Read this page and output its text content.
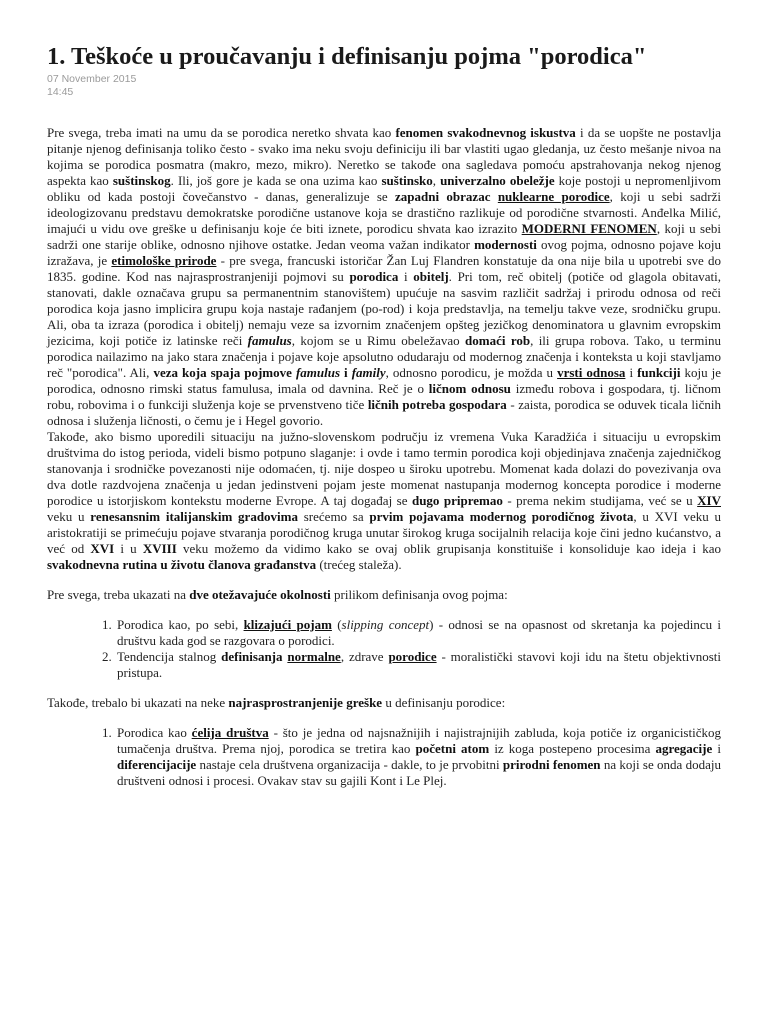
1. Teškoće u proučavanju i definisanju pojma "porodica"
07 November 2015
14:45

Pre svega, treba imati na umu da se porodica neretko shvata kao fenomen svakodnevnog iskustva i da se uopšte ne postavlja pitanje njenog definisanja toliko često - svako ima neku svoju definiciju ili bar vlastiti ugao gledanja, uz često mešanje nivoa na kojima se porodica posmatra (makro, mezo, mikro). Neretko se takođe ona sagledava pomoću apstrahovanja nekog njenog aspekta kao suštinskog. Ili, još gore je kada se ona uzima kao suštinsko, univerzalno obeležje koje postoji u nepromenljivom obliku od kada postoji čovečanstvo - danas, generalizuje se zapadni obrazac nuklearne porodice, koji u sebi sadrži ideologizovanu predstavu demokratske porodične ustanove koja se drastično razlikuje od porodične stvarnosti. Anđelka Milić, imajući u vidu ove greške u definisanju koje će biti iznete, porodicu shvata kao izrazito MODERNI FENOMEN, koji u sebi sadrži one starije oblike, odnosno njihove ostatke. Jedan veoma važan indikator modernosti ovog pojma, odnosno pojave koju izražava, je etimološke prirode - pre svega, francuski istoričar Žan Luj Flandren konstatuje da ona nije bila u upotrebi sve do 1835. godine. Kod nas najrasprostranjeniji pojmovi su porodica i obitelj. Pri tom, reč obitelj (potiče od glagola obitavati, stanovati, dakle označava grupu sa permanentnim stanovištem) upućuje na sasvim različit sadržaj i prirodu odnosa od reči porodica koja jasno implicira grupu koja nastaje rađanjem (po-rod) i koja predstavlja, na temelju takve veze, srodničku grupu. Ali, oba ta izraza (porodica i obitelj) nemaju veze sa izvornim značenjem opšteg jezičkog denominatora u glavnim evropskim jezicima, koji potiče iz latinske reči famulus, kojom se u Rimu obeležavao domaći rob, ili grupa robova. Tako, u terminu porodica nailazimo na jako stara značenja i pojave koje apsolutno odudaraju od modernog značenja i konteksta u koji stavljamo reč "porodica". Ali, veza koja spaja pojmove famulus i family, odnosno porodicu, je možda u vrsti odnosa i funkciji koju je porodica, odnosno rimski status famulusa, imala od davnina. Reč je o ličnom odnosu između robova i gospodara, tj. ličnom robu, robovima i o funkciji služenja koje se prvenstveno tiče ličnih potreba gospodara - zaista, porodica se oduvek ticala ličnih odnosa i služenja ličnosti, o čemu je i Hegel govorio.

Takođe, ako bismo uporedili situaciju na južno-slovenskom području iz vremena Vuka Karadžića i situaciju u evropskim društvima do istog perioda, videli bismo potpuno slaganje: i ovde i tamo termin porodica koji objedinjava značenja zajedničkog stanovanja i srodničke povezanosti nije odomaćen, tj. nije dospeo u široku upotrebu. Momenat kada dolazi do povezivanja ova dva dotle razdvojena značenja u jedan jedinstveni pojam jeste momenat nastupanja modernog koncepta porodice i moderne porodice u istorjiskom kontekstu moderne Evrope. A taj događaj se dugo pripremao - prema nekim studijama, već se u XIV veku u renesansnim italijanskim gradovima srećemo sa prvim pojavama modernog porodičnog života, u XVI veku u aristokratiji se primećuju pojave stvaranja porodičnog kruga unutar širokog kruga socijalnih relacija koje čini jedno kućanstvo, a već od XVI i u XVIII veku možemo da vidimo kako se ovaj oblik grupisanja konstituiše i konsoliduje kao ideja i kao svakodnevna rutina u životu članova građanstva (trećeg staleža).

Pre svega, treba ukazati na dve otežavajuće okolnosti prilikom definisanja ovog pojma:

1. Porodica kao, po sebi, klizajući pojam (slipping concept) - odnosi se na opasnost od skretanja ka pojedincu i društvu kada god se razgovara o porodici.
2. Tendencija stalnog definisanja normalne, zdrave porodice - moralistički stavovi koji idu na štetu objektivnosti pristupa.

Takođe, trebalo bi ukazati na neke najrasprostranjenije greške u definisanju porodice:

1. Porodica kao ćelija društva - što je jedna od najsnažnijih i najistrajnijih zabluda, koja potiče iz organicističkog tumačenja društva. Prema njoj, porodica se tretira kao početni atom iz koga postepeno procesima agregacije i diferencijacije nastaje cela društvena organizacija - dakle, to je prvobitni prirodni fenomen na koji se onda dodaju društveni odnosi i procesi. Ovakav stav su gajili Kont i Le Plej.
